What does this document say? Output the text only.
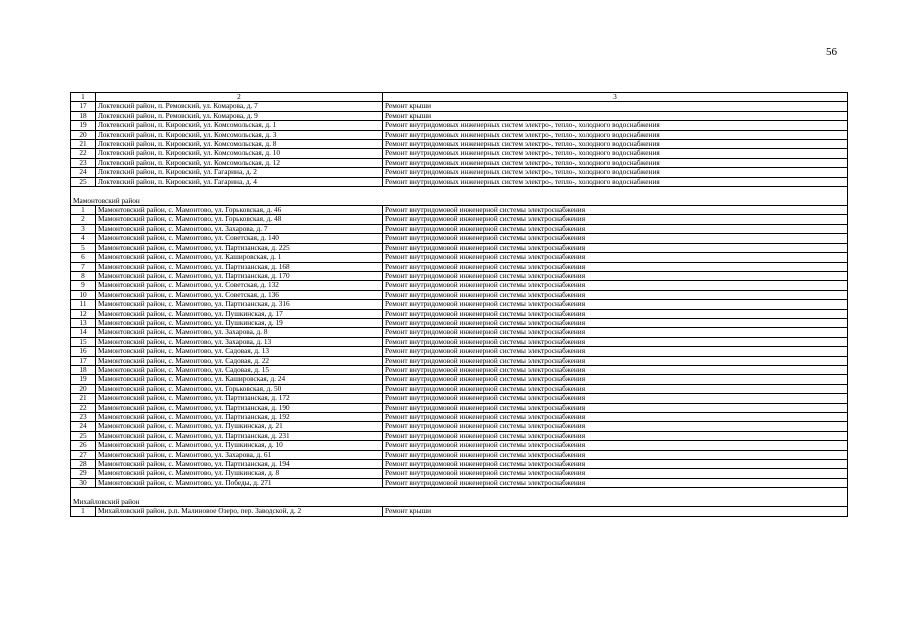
56
1	2	3
17	Локтевский район, п. Ремовский, ул. Комарова, д. 7	Ремонт крыши
18	Локтевский район, п. Ремовский, ул. Комарова, д. 9	Ремонт крыши
19	Локтевский район, п. Кировский, ул. Комсомольская, д. 1	Ремонт внутридомовых инженерных систем электро-, тепло-, холодного водоснабжения
20	Локтевский район, п. Кировский, ул. Комсомольская, д. 3	Ремонт внутридомовых инженерных систем электро-, тепло-, холодного водоснабжения
21	Локтевский район, п. Кировский, ул. Комсомольская, д. 8	Ремонт внутридомовых инженерных систем электро-, тепло-, холодного водоснабжения
22	Локтевский район, п. Кировский, ул. Комсомольская, д. 10	Ремонт внутридомовых инженерных систем электро-, тепло-, холодного водоснабжения
23	Локтевский район, п. Кировский, ул. Комсомольская, д. 12	Ремонт внутридомовых инженерных систем электро-, тепло-, холодного водоснабжения
24	Локтевский район, п. Кировский, ул. Гагарина, д. 2	Ремонт внутридомовых инженерных систем электро-, тепло-, холодного водоснабжения
25	Локтевский район, п. Кировский, ул. Гагарина, д. 4	Ремонт внутридомовых инженерных систем электро-, тепло-, холодного водоснабжения
Мамонтовский район		
1	Мамонтовский район, с. Мамонтово, ул. Горьковская, д. 46	Ремонт внутридомовой инженерной системы электроснабжения
2	Мамонтовский район, с. Мамонтово, ул. Горьковская, д. 48	Ремонт внутридомовой инженерной системы электроснабжения
3	Мамонтовский район, с. Мамонтово, ул. Захарова, д. 7	Ремонт внутридомовой инженерной системы электроснабжения
4	Мамонтовский район, с. Мамонтово, ул. Советская, д. 140	Ремонт внутридомовой инженерной системы электроснабжения
5	Мамонтовский район, с. Мамонтово, ул. Партизанская, д. 225	Ремонт внутридомовой инженерной системы электроснабжения
6	Мамонтовский район, с. Мамонтово, ул. Кашировская, д. 1	Ремонт внутридомовой инженерной системы электроснабжения
7	Мамонтовский район, с. Мамонтово, ул. Партизанская, д. 168	Ремонт внутридомовой инженерной системы электроснабжения
8	Мамонтовский район, с. Мамонтово, ул. Партизанская, д. 170	Ремонт внутридомовой инженерной системы электроснабжения
9	Мамонтовский район, с. Мамонтово, ул. Советская, д. 132	Ремонт внутридомовой инженерной системы электроснабжения
10	Мамонтовский район, с. Мамонтово, ул. Советская, д. 136	Ремонт внутридомовой инженерной системы электроснабжения
11	Мамонтовский район, с. Мамонтово, ул. Партизанская, д. 316	Ремонт внутридомовой инженерной системы электроснабжения
12	Мамонтовский район, с. Мамонтово, ул. Пушкинская, д. 17	Ремонт внутридомовой инженерной системы электроснабжения
13	Мамонтовский район, с. Мамонтово, ул. Пушкинская, д. 19	Ремонт внутридомовой инженерной системы электроснабжения
14	Мамонтовский район, с. Мамонтово, ул. Захарова, д. 8	Ремонт внутридомовой инженерной системы электроснабжения
15	Мамонтовский район, с. Мамонтово, ул. Захарова, д. 13	Ремонт внутридомовой инженерной системы электроснабжения
16	Мамонтовский район, с. Мамонтово, ул. Садовая, д. 13	Ремонт внутридомовой инженерной системы электроснабжения
17	Мамонтовский район, с. Мамонтово, ул. Садовая, д. 22	Ремонт внутридомовой инженерной системы электроснабжения
18	Мамонтовский район, с. Мамонтово, ул. Садовая, д. 15	Ремонт внутридомовой инженерной системы электроснабжения
19	Мамонтовский район, с. Мамонтово, ул. Кашировская, д. 24	Ремонт внутридомовой инженерной системы электроснабжения
20	Мамонтовский район, с. Мамонтово, ул. Горьковская, д. 50	Ремонт внутридомовой инженерной системы электроснабжения
21	Мамонтовский район, с. Мамонтово, ул. Партизанская, д. 172	Ремонт внутридомовой инженерной системы электроснабжения
22	Мамонтовский район, с. Мамонтово, ул. Партизанская, д. 190	Ремонт внутридомовой инженерной системы электроснабжения
23	Мамонтовский район, с. Мамонтово, ул. Партизанская, д. 192	Ремонт внутридомовой инженерной системы электроснабжения
24	Мамонтовский район, с. Мамонтово, ул. Пушкинская, д. 21	Ремонт внутридомовой инженерной системы электроснабжения
25	Мамонтовский район, с. Мамонтово, ул. Партизанская, д. 231	Ремонт внутридомовой инженерной системы электроснабжения
26	Мамонтовский район, с. Мамонтово, ул. Пушкинская, д. 10	Ремонт внутридомовой инженерной системы электроснабжения
27	Мамонтовский район, с. Мамонтово, ул. Захарова, д. 61	Ремонт внутридомовой инженерной системы электроснабжения
28	Мамонтовский район, с. Мамонтово, ул. Партизанская, д. 194	Ремонт внутридомовой инженерной системы электроснабжения
29	Мамонтовский район, с. Мамонтово, ул. Пушкинская, д. 8	Ремонт внутридомовой инженерной системы электроснабжения
30	Мамонтовский район, с. Мамонтово, ул. Победы, д. 271	Ремонт внутридомовой инженерной системы электроснабжения
Михайловский район		
1	Михайловский район, р.п. Малиновое Озеро, пер. Заводской, д. 2	Ремонт крыши
